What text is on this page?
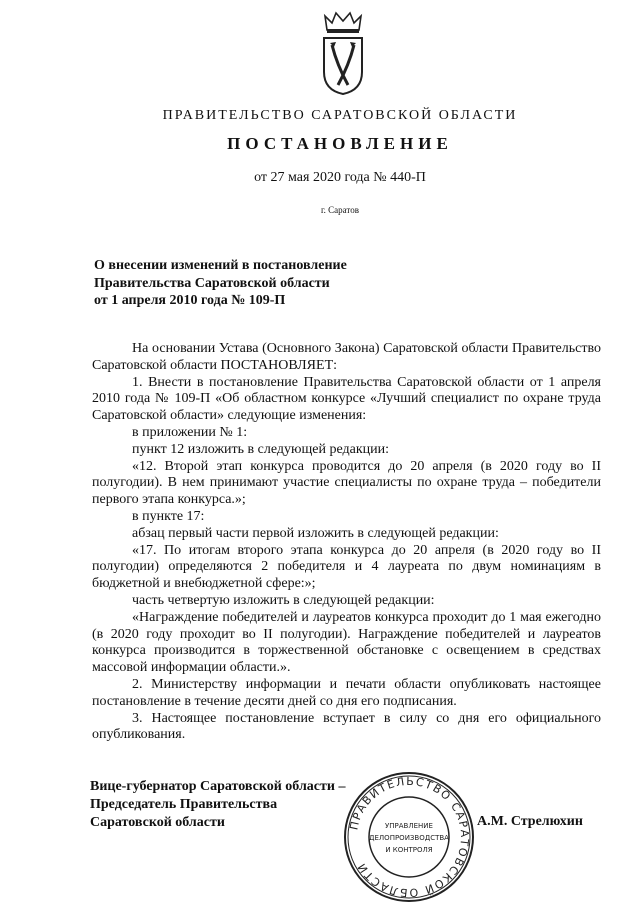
ПРАВИТЕЛЬСТВО САРАТОВСКОЙ ОБЛАСТИ
ПОСТАНОВЛЕНИЕ
от 27 мая 2020 года № 440-П
г. Саратов
О внесении изменений в постановление
Правительства Саратовской области
от 1 апреля 2010 года № 109-П

На основании Устава (Основного Закона) Саратовской области Правительство Саратовской области ПОСТАНОВЛЯЕТ:

1. Внести в постановление Правительства Саратовской области от 1 апреля 2010 года № 109-П «Об областном конкурсе «Лучший специалист по охране труда Саратовской области» следующие изменения:

в приложении № 1:

пункт 12 изложить в следующей редакции:

«12. Второй этап конкурса проводится до 20 апреля (в 2020 году во II полугодии). В нем принимают участие специалисты по охране труда – победители первого этапа конкурса.»;

в пункте 17:

абзац первый части первой изложить в следующей редакции:

«17. По итогам второго этапа конкурса до 20 апреля (в 2020 году во II полугодии) определяются 2 победителя и 4 лауреата по двум номинациям в бюджетной и внебюджетной сфере:»;

часть четвертую изложить в следующей редакции:

«Награждение победителей и лауреатов конкурса проходит до 1 мая ежегодно (в 2020 году проходит во II полугодии). Награждение победителей и лауреатов конкурса производится в торжественной обстановке с освещением в средствах массовой информации области.».

2. Министерству информации и печати области опубликовать настоящее постановление в течение десяти дней со дня его подписания.

3. Настоящее постановление вступает в силу со дня его официального опубликования.

Вице-губернатор Саратовской области –
Председатель Правительства
Саратовской области	ПРАВИТЕЛЬСТВО САРАТОВСКОЙ ОБЛАСТИ
УПРАВЛЕНИЕ
ДЕЛОПРОИЗВОДСТВА
И КОНТРОЛЯ
А.М. Стрелюхин
